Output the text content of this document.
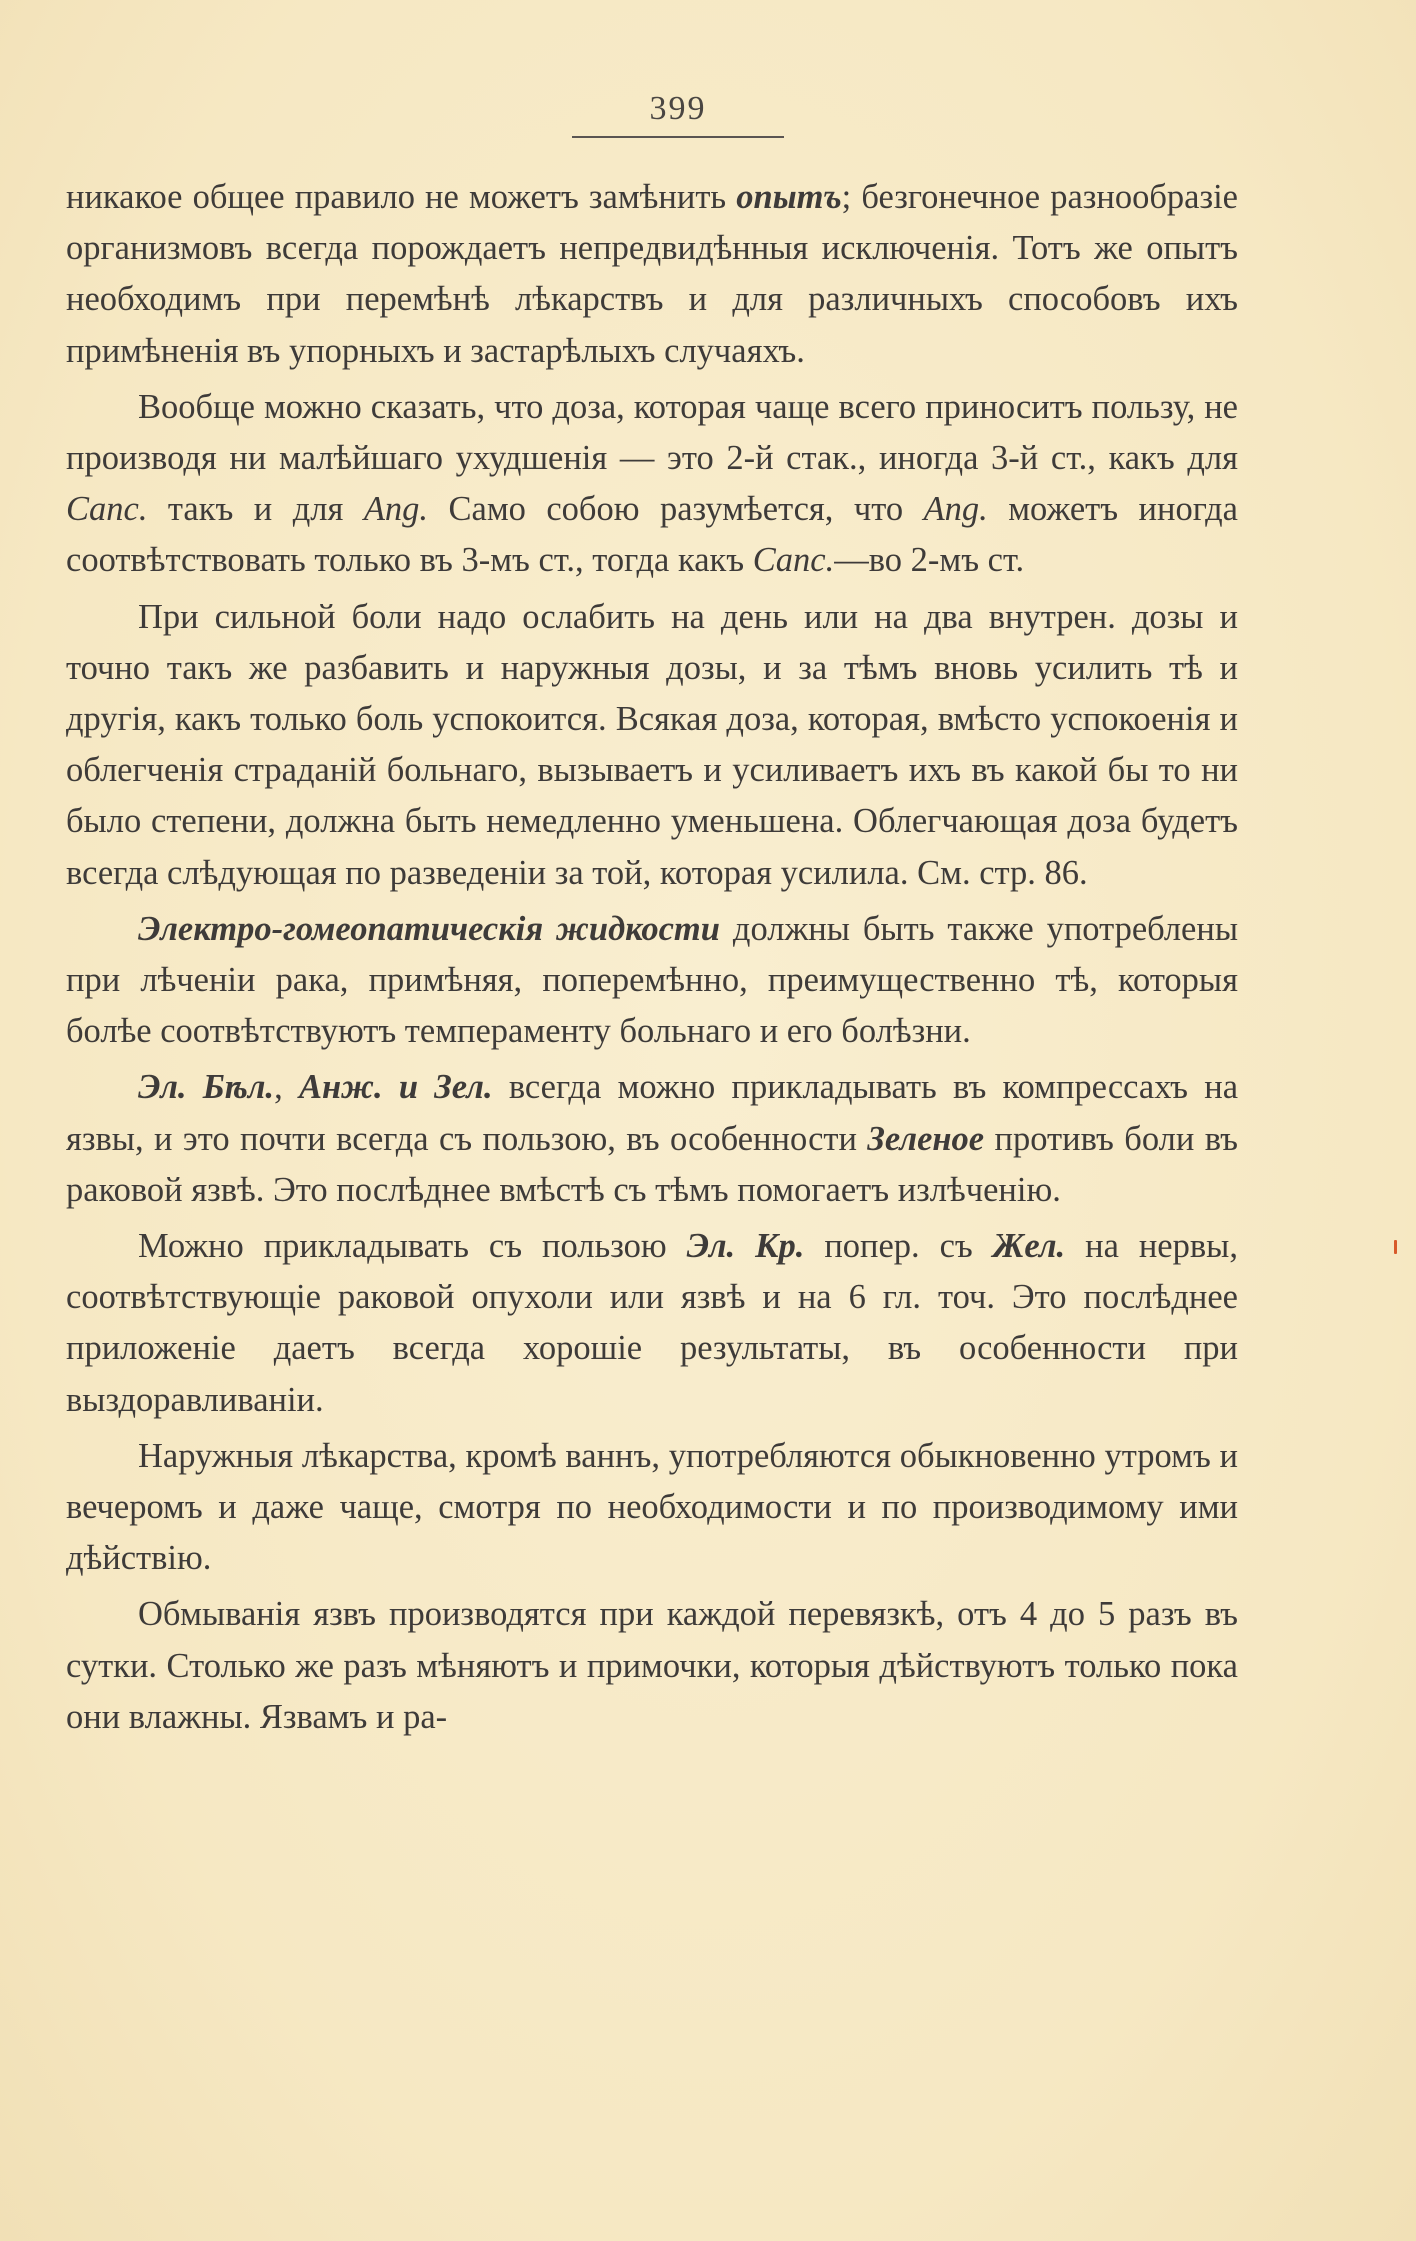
399

никакое общее правило не можетъ замѣнить опытъ; безгонечное разнообразіе организмовъ всегда порождаетъ непредвидѣнныя исключенія. Тотъ же опытъ необходимъ при перемѣнѣ лѣкарствъ и для различныхъ способовъ ихъ примѣненія въ упорныхъ и застарѣлыхъ случаяхъ.

Вообще можно сказать, что доза, которая чаще всего приноситъ пользу, не производя ни малѣйшаго ухудшенія — это 2-й стак., иногда 3-й ст., какъ для Canc. такъ и для Ang. Само собою разумѣется, что Ang. можетъ иногда соотвѣтствовать только въ 3-мъ ст., тогда какъ Canc.—во 2-мъ ст.

При сильной боли надо ослабить на день или на два внутрен. дозы и точно такъ же разбавить и наружныя дозы, и за тѣмъ вновь усилить тѣ и другія, какъ только боль успокоится. Всякая доза, которая, вмѣсто успокоенія и облегченія страданій больнаго, вызываетъ и усиливаетъ ихъ въ какой бы то ни было степени, должна быть немедленно уменьшена. Облегчающая доза будетъ всегда слѣдующая по разведеніи за той, которая усилила. См. стр. 86.

Электро-гомеопатическія жидкости должны быть также употреблены при лѣченіи рака, примѣняя, поперемѣнно, преимущественно тѣ, которыя болѣе соотвѣтствуютъ темпераменту больнаго и его болѣзни.

Эл. Бѣл., Анж. и Зел. всегда можно прикладывать въ компрессахъ на язвы, и это почти всегда съ пользою, въ особенности Зеленое противъ боли въ раковой язвѣ. Это послѣднее вмѣстѣ съ тѣмъ помогаетъ излѣченію.

Можно прикладывать съ пользою Эл. Кр. попер. съ Жел. на нервы, соотвѣтствующіе раковой опухоли или язвѣ и на 6 гл. точ. Это послѣднее приложеніе даетъ всегда хорошіе результаты, въ особенности при выздоравливаніи.

Наружныя лѣкарства, кромѣ ваннъ, употребляются обыкновенно утромъ и вечеромъ и даже чаще, смотря по необходимости и по производимому ими дѣйствію.

Обмыванія язвъ производятся при каждой перевязкѣ, отъ 4 до 5 разъ въ сутки. Столько же разъ мѣняютъ и примочки, которыя дѣйствуютъ только пока они влажны. Язвамъ и ра-
